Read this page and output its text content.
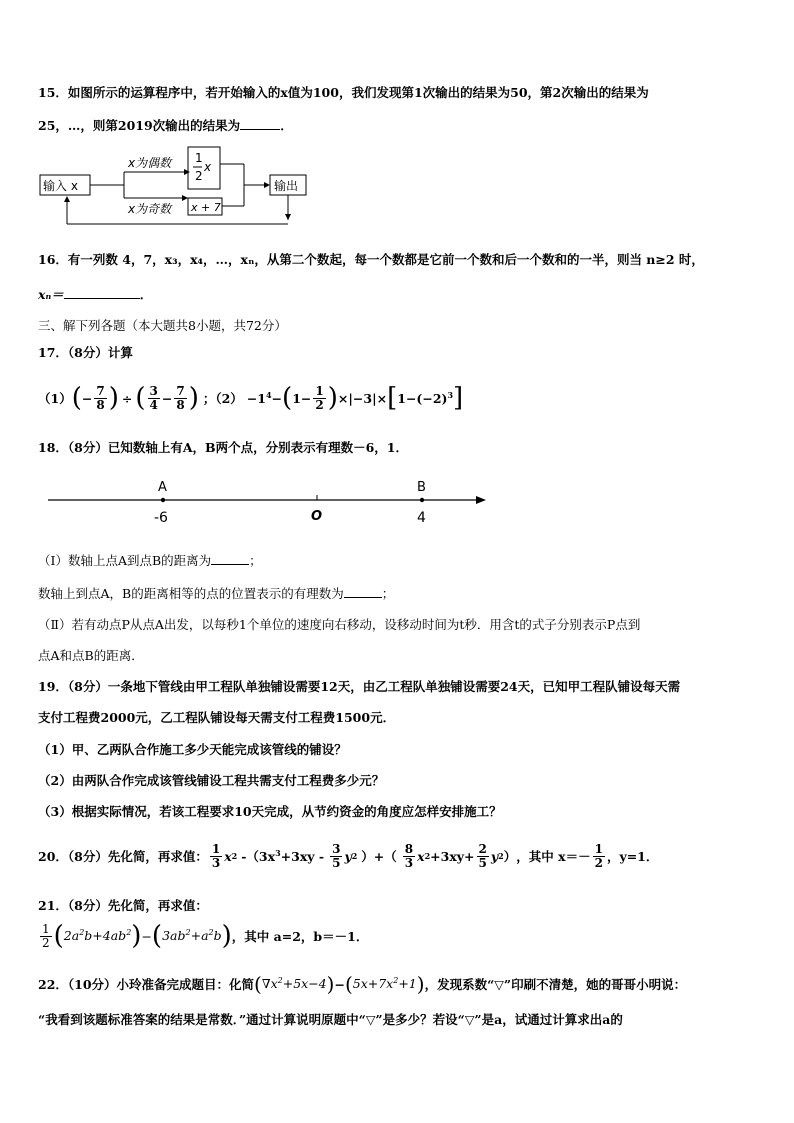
15．如图所示的运算程序中，若开始输入的x值为100，我们发现第1次输出的结果为50，第2次输出的结果为
25，…，则第2019次输出的结果为	．
输入 x
x为偶数
x为奇数
1
2
x
x + 7
输出
16．有一列数 4，7，x₃，x₄，…，xₙ，从第二个数起，每一个数都是它前一个数和后一个数和的一半，则当 n≥2 时，
xₙ＝	．
三、解下列各题（本大题共8小题，共72分）
17．（8分）计算
（1） ( − $\frac{7}{8}$ ) ÷ ( $\frac{3}{4} - \frac{7}{8}$ ) ；$(2) -1^4-$ ( $1- \frac{1}{2}$ ) ×|−3|× [ $1-(-2)^3$ ]
18．（8分）已知数轴上有A，B两个点，分别表示有理数－6，1．
A	B
-6	O	4
（Ⅰ）数轴上点A到点B的距离为	；
数轴上到点A，B的距离相等的点的位置表示的有理数为	；
（Ⅱ）若有动点P从点A出发，以每秒1个单位的速度向右移动，设移动时间为t秒．用含t的式子分别表示P点到
点A和点B的距离．
19．（8分）一条地下管线由甲工程队单独铺设需要12天，由乙工程队单独铺设需要24天，已知甲工程队铺设每天需
支付工程费2000元，乙工程队铺设每天需支付工程费1500元．
（1）甲、乙两队合作施工多少天能完成该管线的铺设？
（2）由两队合作完成该管线铺设工程共需支付工程费多少元？
（3）根据实际情况，若该工程要求10天完成，从节约资金的角度应怎样安排施工？
20．（8分）先化简，再求值： $\frac{1}{3}$ x 2 $-(3x^3+3xy - \frac{3}{5}$ y 2 ）+（ $\frac{8}{3}$ x $2 +3xy+ \frac{2}{5}$ y 2 ） ，其中 $x=- \frac{1}{2}$ ，y=1．
21．（8分）先化简，再求值：
$\frac{1}{2}$ ( $2a^2b+4ab^2$ ) − ( $3ab^2+a^2b$ ) ，其中 a=2，b＝－1．
22．（10分）小玲准备完成题目：化简 ( $\nabla x^2+5x-4$ ) − ( $5x+7x^2+1$ ) ，发现系数“▽”印刷不清楚，她的哥哥小明说：
“我看到该题标准答案的结果是常数．”通过计算说明原题中“▽”是多少？若设“▽”是a，试通过计算求出a的
